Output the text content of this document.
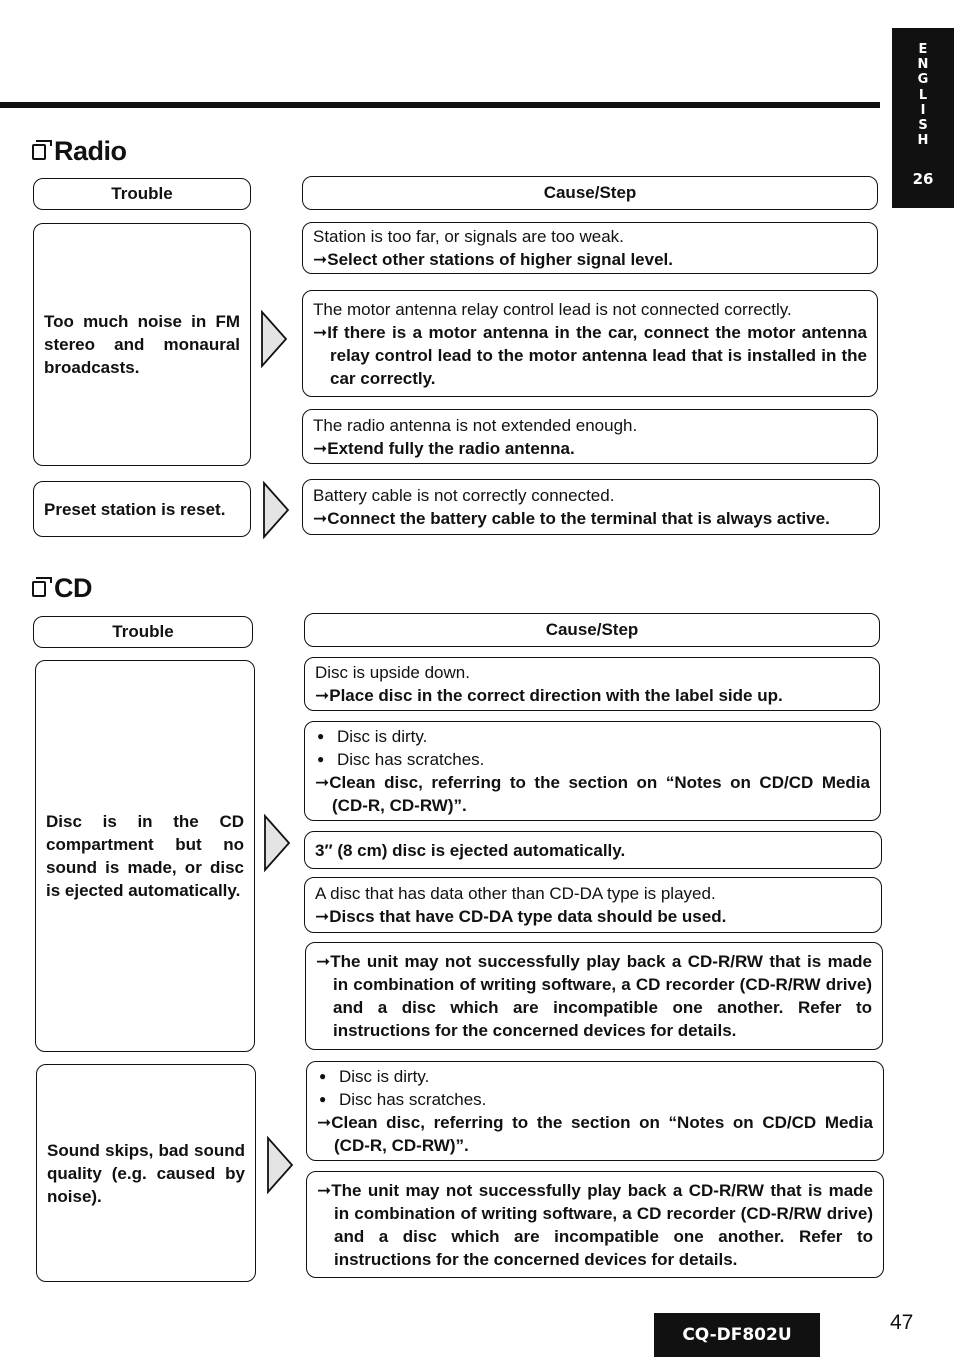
E
N
G
L
I
S
H
26
Radio
Trouble	Cause/Step
Too much noise in FM stereo and monaural broadcasts.
Station is too far, or signals are too weak.
➞Select other stations of higher signal level.
The motor antenna relay control lead is not connected correctly.
➞If there is a motor antenna in the car, connect the motor antenna relay control lead to the motor antenna lead that is installed in the car correctly.
The radio antenna is not extended enough.
➞Extend fully the radio antenna.
Preset station is reset.
Battery cable is not correctly connected.
➞Connect the battery cable to the terminal that is always active.
CD
Trouble	Cause/Step
Disc is in the CD compartment but no sound is made, or disc is ejected automatically.
Disc is upside down.
➞Place disc in the correct direction with the label side up.
● Disc is dirty.
● Disc has scratches.
➞Clean disc, referring to the section on “Notes on CD/CD Media (CD-R, CD-RW)”.
3″ (8 cm) disc is ejected automatically.
A disc that has data other than CD-DA type is played.
➞Discs that have CD-DA type data should be used.
➞The unit may not successfully play back a CD-R/RW that is made in combination of writing software, a CD recorder (CD-R/RW drive) and a disc which are incompatible one another. Refer to instructions for the concerned devices for details.
Sound skips, bad sound quality (e.g. caused by noise).
● Disc is dirty.
● Disc has scratches.
➞Clean disc, referring to the section on “Notes on CD/CD Media (CD-R, CD-RW)”.
➞The unit may not successfully play back a CD-R/RW that is made in combination of writing software, a CD recorder (CD-R/RW drive) and a disc which are incompatible one another. Refer to instructions for the concerned devices for details.
CQ-DF802U
47
